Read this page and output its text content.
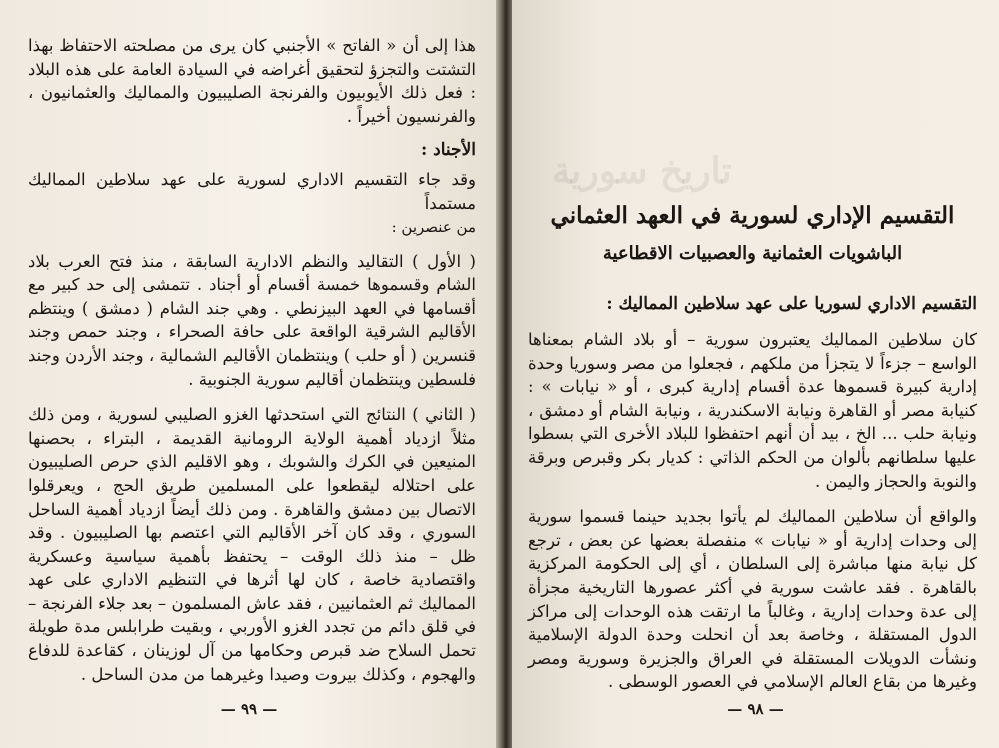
هذا إلى أن « الفاتح » الأجنبي كان يرى من مصلحته الاحتفاظ بهذا التشتت والتجزؤ لتحقيق أغراضه في السيادة العامة على هذه البلاد : فعل ذلك الأيوبيون والفرنجة الصليبيون والمماليك والعثمانيون ، والفرنسيون أخيراً .

الأجناد :

وقد جاء التقسيم الاداري لسورية على عهد سلاطين المماليك مستمداً

من عنصرين :

( الأول ) التقاليد والنظم الادارية السابقة ، منذ فتح العرب بلاد الشام وقسموها خمسة أقسام أو أجناد . تتمشى إلى حد كبير مع أقسامها في العهد البيزنطي . وهي جند الشام ( دمشق ) وينتظم الأقاليم الشرقية الواقعة على حافة الصحراء ، وجند حمص وجند قنسرين ( أو حلب ) وينتظمان الأقاليم الشمالية ، وجند الأردن وجند فلسطين وينتظمان أقاليم سورية الجنوبية .

( الثاني ) النتائج التي استحدثها الغزو الصليبي لسورية ، ومن ذلك مثلاً ازدياد أهمية الولاية الرومانية القديمة ، البتراء ، بحصنها المنيعين في الكرك والشوبك ، وهو الاقليم الذي حرص الصليبيون على احتلاله ليقطعوا على المسلمين طريق الحج ، ويعرقلوا الاتصال بين دمشق والقاهرة . ومن ذلك أيضاً ازدياد أهمية الساحل السوري ، وقد كان آخر الأقاليم التي اعتصم بها الصليبيون . وقد ظل – منذ ذلك الوقت – يحتفظ بأهمية سياسية وعسكرية واقتصادية خاصة ، كان لها أثرها في التنظيم الاداري على عهد المماليك ثم العثمانيين ، فقد عاش المسلمون – بعد جلاء الفرنجة – في قلق دائم من تجدد الغزو الأوربي ، وبقيت طرابلس مدة طويلة تحمل السلاح ضد قبرص وحكامها من آل لوزينان ، كقاعدة للدفاع والهجوم ، وكذلك بيروت وصيدا وغيرهما من مدن الساحل .

— ٩٩ —
تاريخ سورية

التقسيم الإداري لسورية في العهد العثماني

الباشويات العثمانية والعصبيات الاقطاعية

التقسيم الاداري لسوريا على عهد سلاطين المماليك :

كان سلاطين المماليك يعتبرون سورية – أو بلاد الشام بمعناها الواسع – جزءاً لا يتجزأ من ملكهم ، فجعلوا من مصر وسوريا وحدة إدارية كبيرة قسموها عدة أقسام إدارية كبرى ، أو « نيابات » : كنيابة مصر أو القاهرة ونيابة الاسكندرية ، ونيابة الشام أو دمشق ، ونيابة حلب ... الخ ، بيد أن أنهم احتفظوا للبلاد الأخرى التي بسطوا عليها سلطانهم بألوان من الحكم الذاتي : كديار بكر وقبرص وبرقة والنوبة والحجاز واليمن .

والواقع أن سلاطين المماليك لم يأتوا بجديد حينما قسموا سورية إلى وحدات إدارية أو « نيابات » منفصلة بعضها عن بعض ، ترجع كل نيابة منها مباشرة إلى السلطان ، أي إلى الحكومة المركزية بالقاهرة . فقد عاشت سورية في أكثر عصورها التاريخية مجزأة إلى عدة وحدات إدارية ، وغالباً ما ارتقت هذه الوحدات إلى مراكز الدول المستقلة ، وخاصة بعد أن انحلت وحدة الدولة الإسلامية ونشأت الدويلات المستقلة في العراق والجزيرة وسورية ومصر وغيرها من بقاع العالم الإسلامي في العصور الوسطى .

— ٩٨ —
